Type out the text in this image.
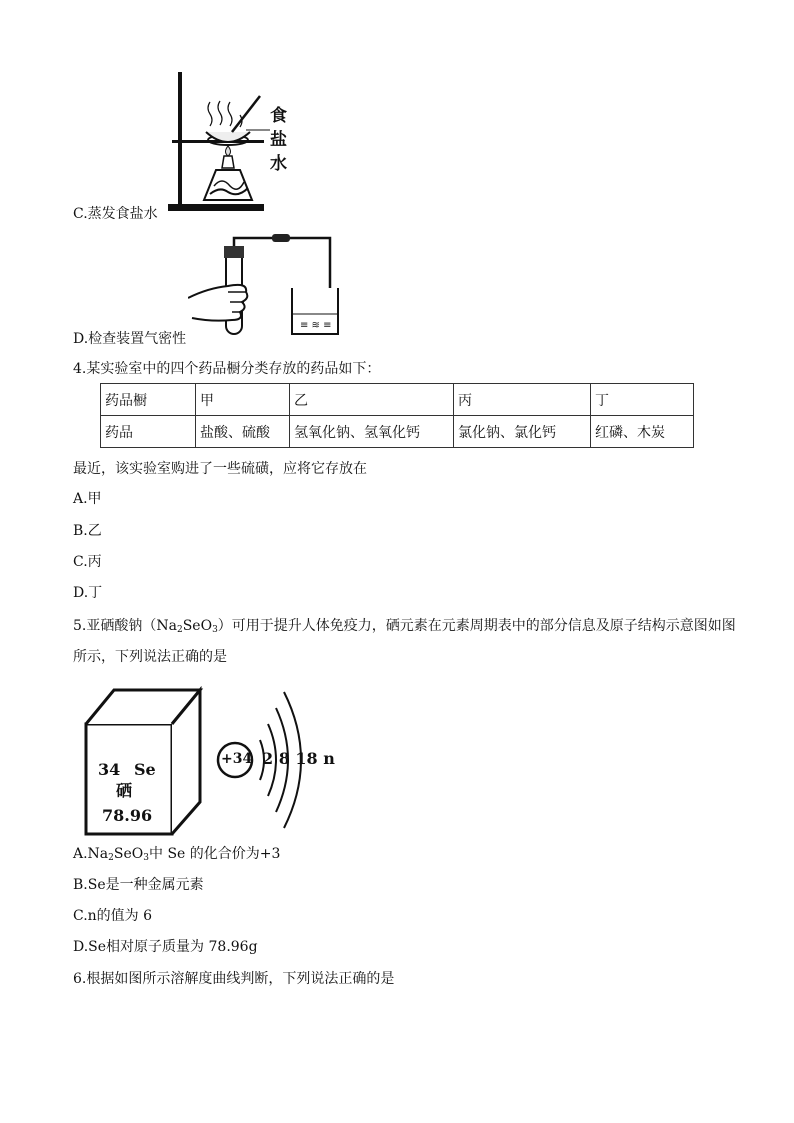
食
盐
水
C.蒸发食盐水
≡ ≋ ≡
D.检查装置气密性
4.某实验室中的四个药品橱分类存放的药品如下：
药品橱	甲	乙	丙	丁
药品	盐酸、硫酸	氢氧化钠、氢氧化钙	氯化钠、氯化钙	红磷、木炭
最近，该实验室购进了一些硫磺，应将它存放在
A.甲
B.乙
C.丙
D.丁
5.亚硒酸钠$(Na_2SeO_3)$可用于提升人体免疫力，硒元素在元素周期表中的部分信息及原子结构示意图如图
所示，下列说法正确的是
34 Se
硒
78.96
+34 2 8 18 n
$A.Na_2SeO_3$中 Se 的化合价为+3
B.Se是一种金属元素
C.n的值为 6
D.Se相对原子质量为 78.96g
6.根据如图所示溶解度曲线判断，下列说法正确的是
